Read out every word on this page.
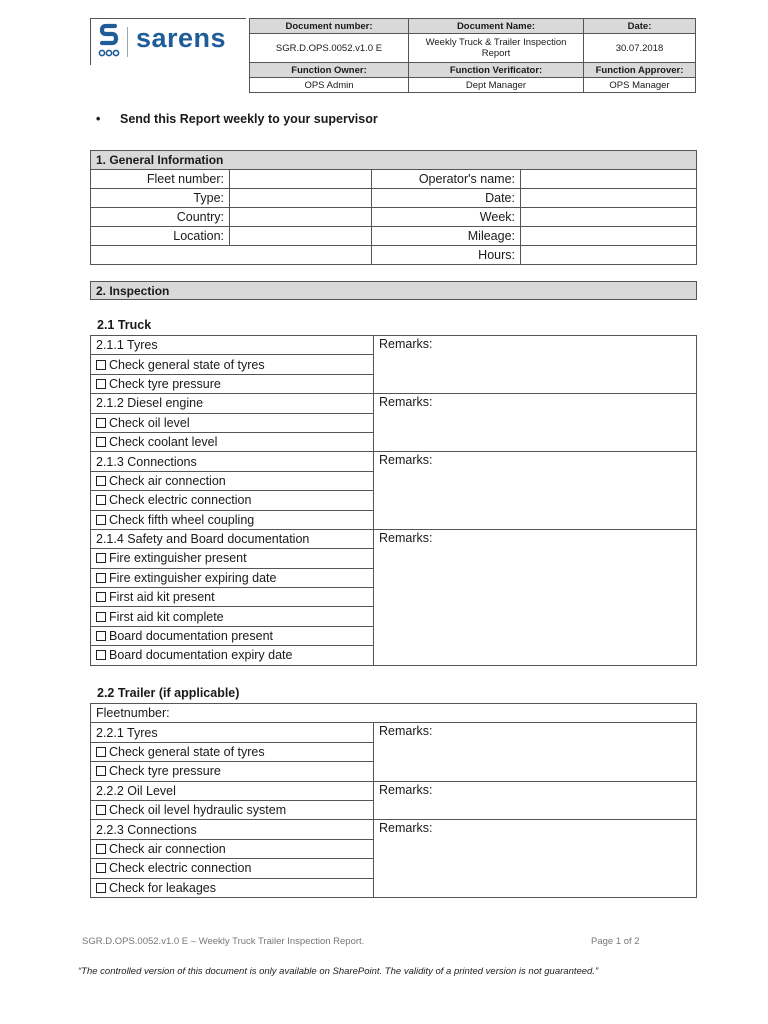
sarens	Document number:	Document Name:	Date:
SGR.D.OPS.0052.v1.0 E	Weekly Truck & Trailer Inspection Report	30.07.2018
Function Owner:	Function Verificator:	Function Approver:
OPS Admin	Dept Manager	OPS Manager
• Send this Report weekly to your supervisor
1. General Information			
Fleet number:		Operator's name:	
Type:		Date:	
Country:		Week:	
Location:		Mileage:	
		Hours:	
2. Inspection
2.1 Truck
2.1.1 Tyres	Remarks:
Check general state of tyres	
Check tyre pressure	
2.1.2 Diesel engine	Remarks:
Check oil level	
Check coolant level	
2.1.3 Connections	Remarks:
Check air connection	
Check electric connection	
Check fifth wheel coupling	
2.1.4 Safety and Board documentation	Remarks:
Fire extinguisher present	
Fire extinguisher expiring date	
First aid kit present	
First aid kit complete	
Board documentation present	
Board documentation expiry date	
2.2 Trailer (if applicable)
Fleetnumber:	
2.2.1 Tyres	Remarks:
Check general state of tyres	
Check tyre pressure	
2.2.2 Oil Level	Remarks:
Check oil level hydraulic system	
2.2.3 Connections	Remarks:
Check air connection	
Check electric connection	
Check for leakages	
SGR.D.OPS.0052.v1.0 E – Weekly Truck Trailer Inspection Report.	Page 1 of 2
“The controlled version of this document is only available on SharePoint. The validity of a printed version is not guaranteed.”
